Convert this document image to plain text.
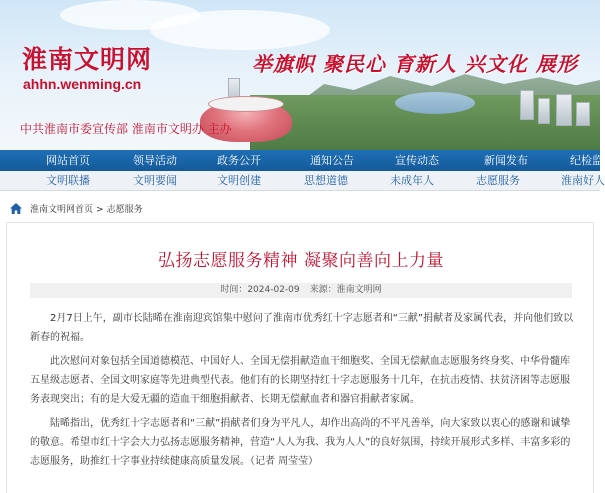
淮南文明网
ahhn.wenming.cn
中共淮南市委宣传部 淮南市文明办 主办
举旗帜 聚民心 育新人 兴文化 展形
网站首页	领导活动	政务公开	通知公告	宣传动态	新闻发布	纪检监
文明联播	文明要闻	文明创建	思想道德	未成年人	志愿服务	淮南好人
淮南文明网首页 > 志愿服务
弘扬志愿服务精神 凝聚向善向上力量
时间：2024-02-09 来源：淮南文明网

2月7日上午，副市长陆晞在淮南迎宾馆集中慰问了淮南市优秀红十字志愿者和“三献”捐献者及家属代表，并向他们致以新春的祝福。

此次慰问对象包括全国道德模范、中国好人、全国无偿捐献造血干细胞奖、全国无偿献血志愿服务终身奖、中华骨髓库五星级志愿者、全国文明家庭等先进典型代表。他们有的长期坚持红十字志愿服务十几年，在抗击疫情、扶贫济困等志愿服务表现突出；有的是大爱无疆的造血干细胞捐献者、长期无偿献血者和器官捐献者家属。

陆晞指出，优秀红十字志愿者和“三献”捐献者们身为平凡人，却作出高尚的不平凡善举，向大家致以衷心的感谢和诚挚的敬意。希望市红十字会大力弘扬志愿服务精神，营造“人人为我、我为人人”的良好氛围，持续开展形式多样、丰富多彩的志愿服务，助推红十字事业持续健康高质量发展。（记者 周莹莹）
